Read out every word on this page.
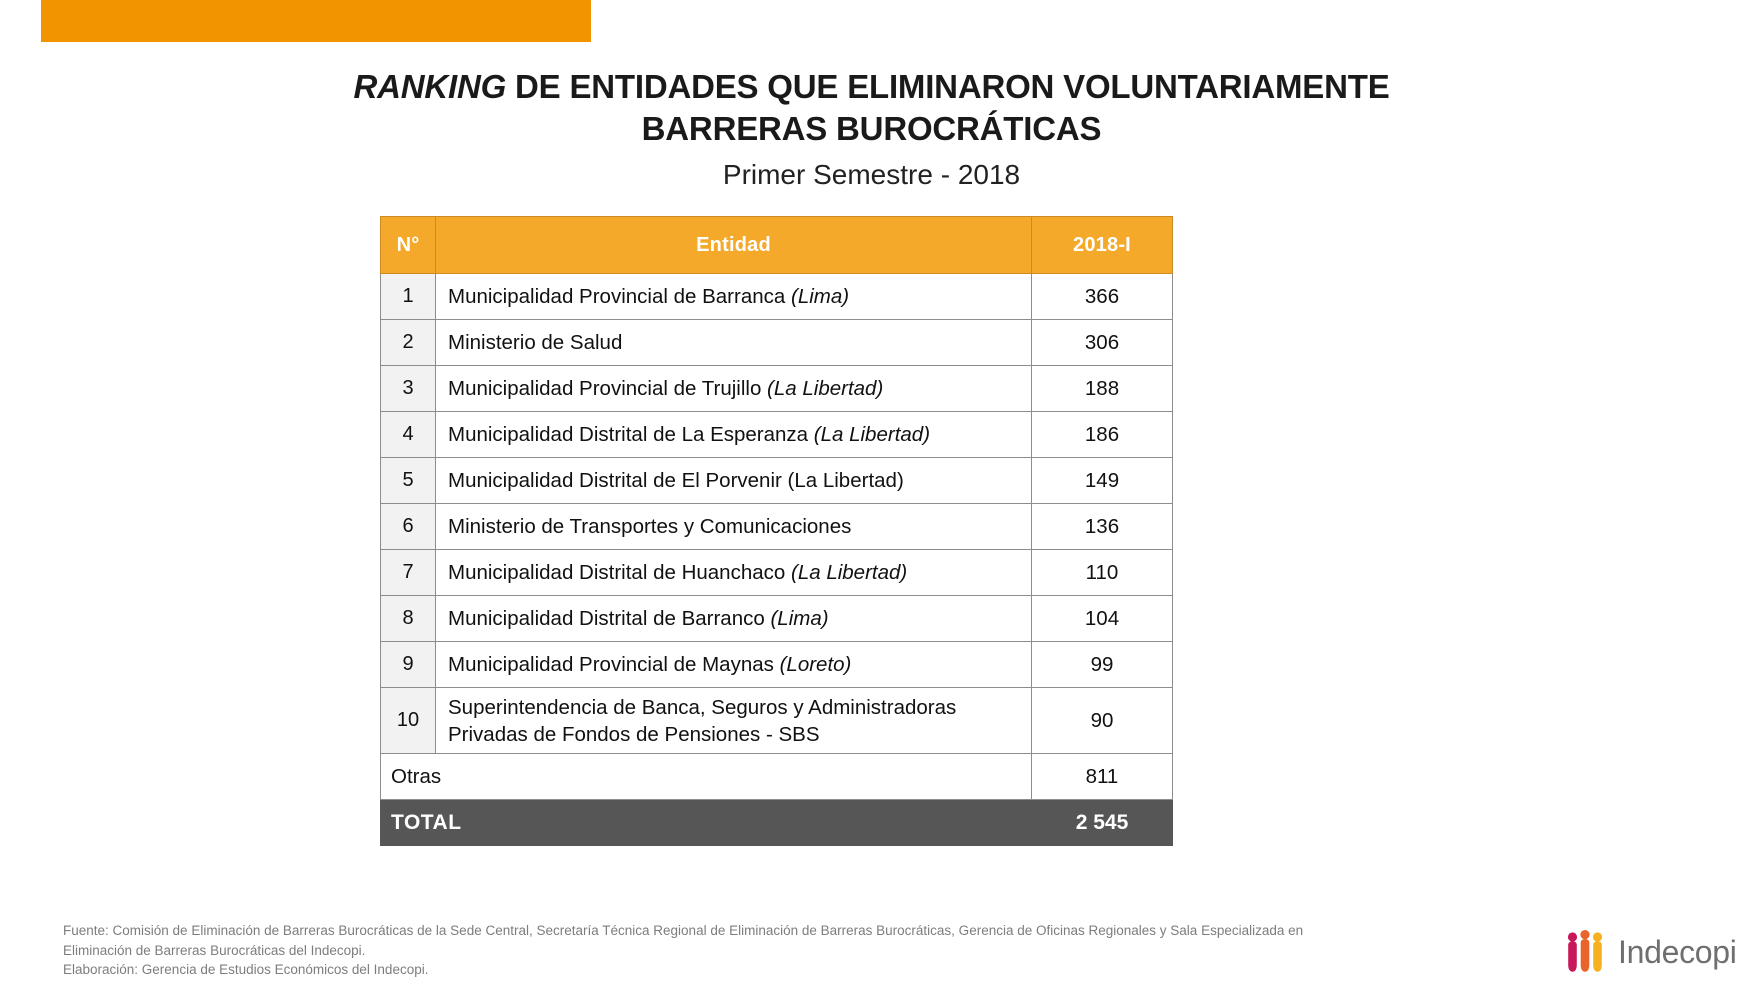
RANKING DE ENTIDADES QUE ELIMINARON VOLUNTARIAMENTE
BARRERAS BUROCRÁTICAS
Primer Semestre - 2018
N°	Entidad	2018-I
1	Municipalidad Provincial de Barranca (Lima)	366
2	Ministerio de Salud	306
3	Municipalidad Provincial de Trujillo (La Libertad)	188
4	Municipalidad Distrital de La Esperanza (La Libertad)	186
5	Municipalidad Distrital de El Porvenir (La Libertad)	149
6	Ministerio de Transportes y Comunicaciones	136
7	Municipalidad Distrital de Huanchaco (La Libertad)	110
8	Municipalidad Distrital de Barranco (Lima)	104
9	Municipalidad Provincial de Maynas (Loreto)	99
10	Superintendencia de Banca, Seguros y Administradoras Privadas de Fondos de Pensiones - SBS	90
Otras		811
TOTAL		2 545

Fuente: Comisión de Eliminación de Barreras Burocráticas de la Sede Central, Secretaría Técnica Regional de Eliminación de Barreras Burocráticas, Gerencia de Oficinas Regionales y Sala Especializada en

Eliminación de Barreras Burocráticas del Indecopi.

Elaboración: Gerencia de Estudios Económicos del Indecopi.	Indecopi
